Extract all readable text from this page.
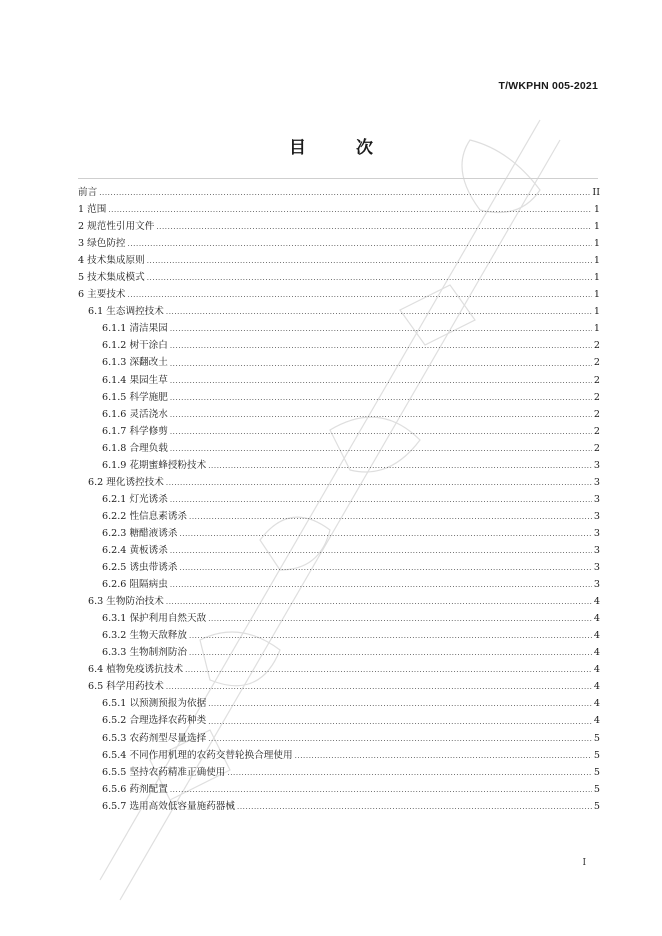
T/WKPHN 005-2021
目 次
前言 .....	II
1 范围 .....	1
2 规范性引用文件 .....	1
3 绿色防控 .....	1
4 技术集成原则 .....	1
5 技术集成模式 .....	1
6 主要技术 .....	1
6.1 生态调控技术 .....	1
6.1.1 清洁果园 .....	1
6.1.2 树干涂白 .....	2
6.1.3 深翻改土 .....	2
6.1.4 果园生草 .....	2
6.1.5 科学施肥 .....	2
6.1.6 灵活浇水 .....	2
6.1.7 科学修剪 .....	2
6.1.8 合理负载 .....	2
6.1.9 花期蜜蜂授粉技术 .....	3
6.2 理化诱控技术 .....	3
6.2.1 灯光诱杀 .....	3
6.2.2 性信息素诱杀 .....	3
6.2.3 糖醋液诱杀 .....	3
6.2.4 黄板诱杀 .....	3
6.2.5 诱虫带诱杀 .....	3
6.2.6 阻隔病虫 .....	3
6.3 生物防治技术 .....	4
6.3.1 保护利用自然天敌 .....	4
6.3.2 生物天敌释放 .....	4
6.3.3 生物制剂防治 .....	4
6.4 植物免疫诱抗技术 .....	4
6.5 科学用药技术 .....	4
6.5.1 以预测预报为依据 .....	4
6.5.2 合理选择农药种类 .....	4
6.5.3 农药剂型尽量选择 .....	5
6.5.4 不同作用机理的农药交替轮换合理使用 .....	5
6.5.5 坚持农药精准正确使用 .....	5
6.5.6 药剂配置 .....	5
6.5.7 选用高效低容量施药器械 .....	5
I
